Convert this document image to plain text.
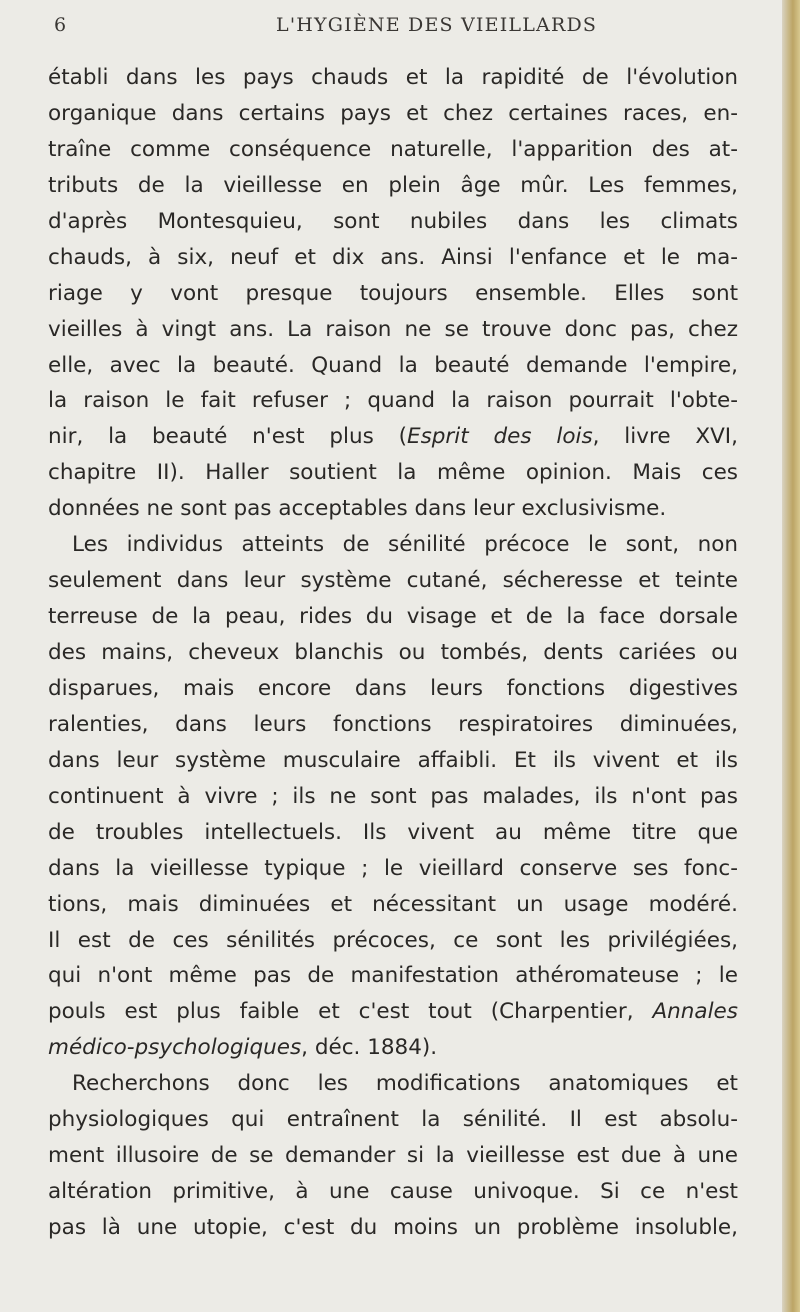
6	L'HYGIÈNE DES VIEILLARDS
établi dans les pays chauds et la rapidité de l'évolution
organique dans certains pays et chez certaines races, en-
traîne comme conséquence naturelle, l'apparition des at-
tributs de la vieillesse en plein âge mûr. Les femmes,
d'après Montesquieu, sont nubiles dans les climats
chauds, à six, neuf et dix ans. Ainsi l'enfance et le ma-
riage y vont presque toujours ensemble. Elles sont
vieilles à vingt ans. La raison ne se trouve donc pas, chez
elle, avec la beauté. Quand la beauté demande l'empire,
la raison le fait refuser ; quand la raison pourrait l'obte-
nir, la beauté n'est plus (Esprit des lois, livre XVI,
chapitre II). Haller soutient la même opinion. Mais ces
données ne sont pas acceptables dans leur exclusivisme.
Les individus atteints de sénilité précoce le sont, non
seulement dans leur système cutané, sécheresse et teinte
terreuse de la peau, rides du visage et de la face dorsale
des mains, cheveux blanchis ou tombés, dents cariées ou
disparues, mais encore dans leurs fonctions digestives
ralenties, dans leurs fonctions respiratoires diminuées,
dans leur système musculaire affaibli. Et ils vivent et ils
continuent à vivre ; ils ne sont pas malades, ils n'ont pas
de troubles intellectuels. Ils vivent au même titre que
dans la vieillesse typique ; le vieillard conserve ses fonc-
tions, mais diminuées et nécessitant un usage modéré.
Il est de ces sénilités précoces, ce sont les privilégiées,
qui n'ont même pas de manifestation athéromateuse ; le
pouls est plus faible et c'est tout (Charpentier, Annales
médico-psychologiques, déc. 1884).
Recherchons donc les modifications anatomiques et
physiologiques qui entraînent la sénilité. Il est absolu-
ment illusoire de se demander si la vieillesse est due à une
altération primitive, à une cause univoque. Si ce n'est
pas là une utopie, c'est du moins un problème insoluble,
